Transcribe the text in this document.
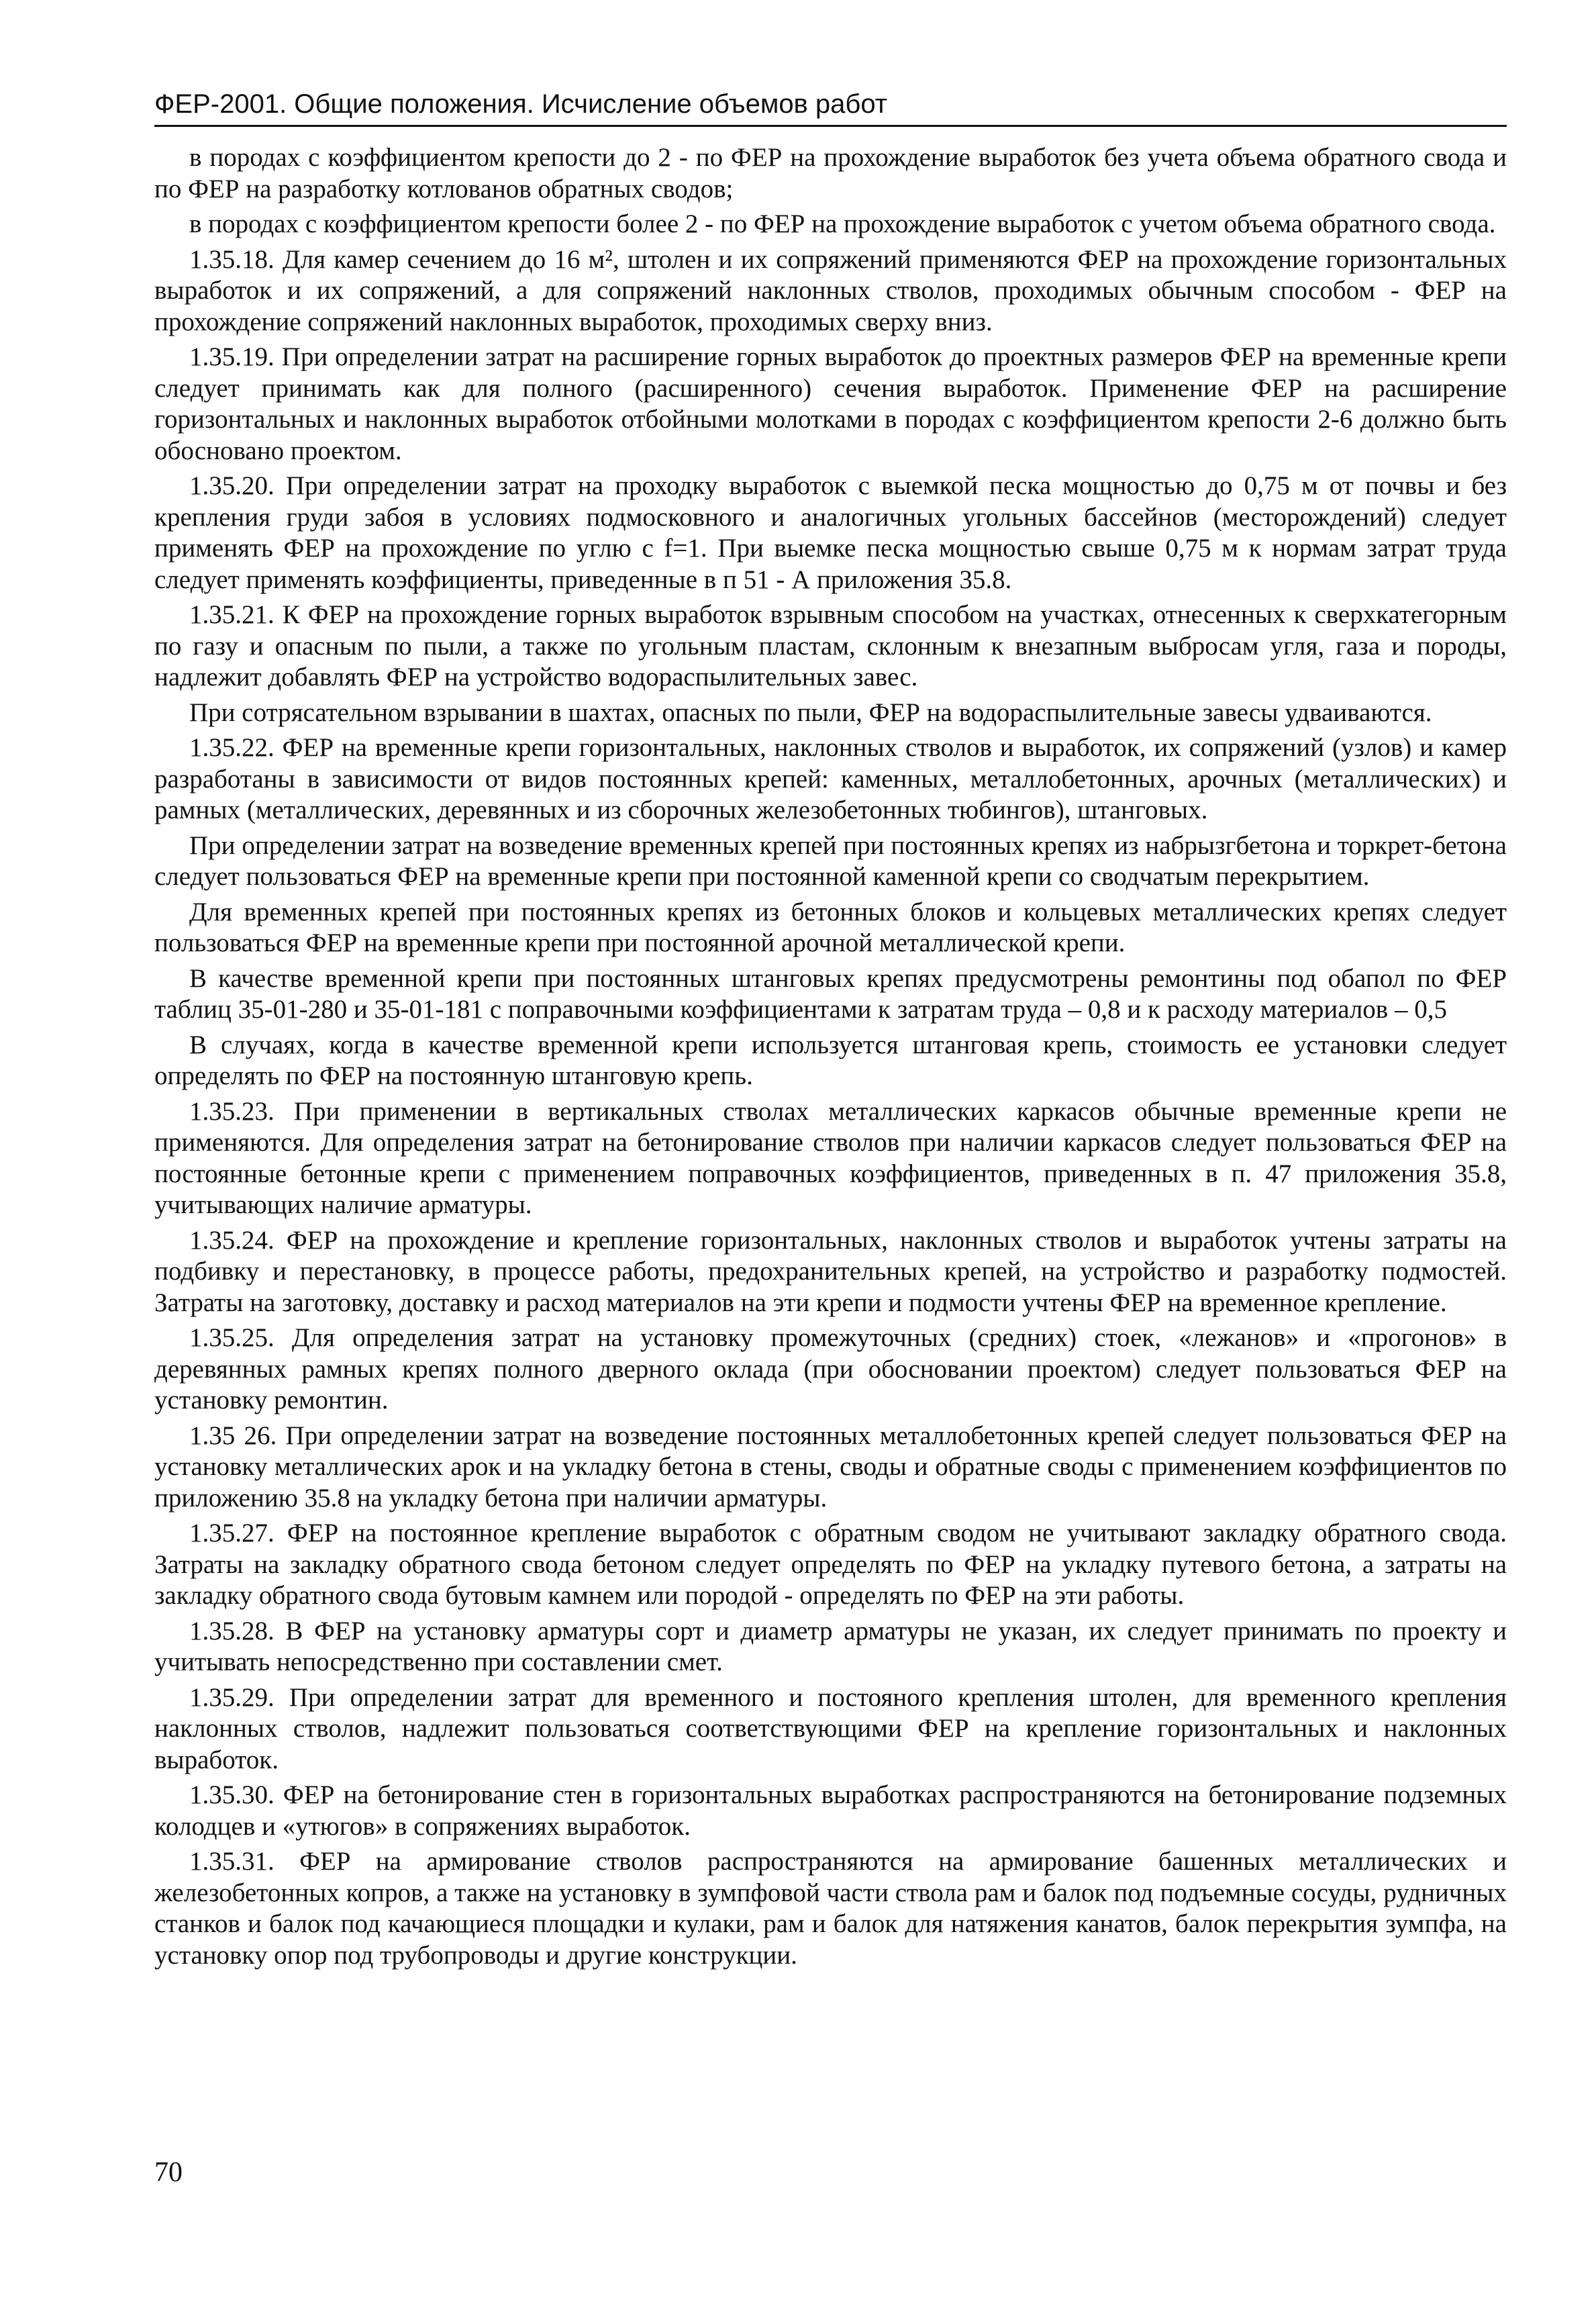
ФЕР-2001. Общие положения. Исчисление объемов работ

в породах с коэффициентом крепости до 2 - по ФЕР на прохождение выработок без учета объема обратного свода и по ФЕР на разработку котлованов обратных сводов;

в породах с коэффициентом крепости более 2 - по ФЕР на прохождение выработок с учетом объема обратного свода.

1.35.18. Для камер сечением до 16 м², штолен и их сопряжений применяются ФЕР на прохождение горизонтальных выработок и их сопряжений, а для сопряжений наклонных стволов, проходимых обычным способом - ФЕР на прохождение сопряжений наклонных выработок, проходимых сверху вниз.

1.35.19. При определении затрат на расширение горных выработок до проектных размеров ФЕР на временные крепи следует принимать как для полного (расширенного) сечения выработок. Применение ФЕР на расширение горизонтальных и наклонных выработок отбойными молотками в породах с коэффициентом крепости 2-6 должно быть обосновано проектом.

1.35.20. При определении затрат на проходку выработок с выемкой песка мощностью до 0,75 м от почвы и без крепления груди забоя в условиях подмосковного и аналогичных угольных бассейнов (месторождений) следует применять ФЕР на прохождение по углю с f=1. При выемке песка мощностью свыше 0,75 м к нормам затрат труда следует применять коэффициенты, приведенные в п 51 - А приложения 35.8.

1.35.21. К ФЕР на прохождение горных выработок взрывным способом на участках, отнесенных к сверхкатегорным по газу и опасным по пыли, а также по угольным пластам, склонным к внезапным выбросам угля, газа и породы, надлежит добавлять ФЕР на устройство водораспылительных завес.

При сотрясательном взрывании в шахтах, опасных по пыли, ФЕР на водораспылительные завесы удваиваются.

1.35.22. ФЕР на временные крепи горизонтальных, наклонных стволов и выработок, их сопряжений (узлов) и камер разработаны в зависимости от видов постоянных крепей: каменных, металлобетонных, арочных (металлических) и рамных (металлических, деревянных и из сборочных железобетонных тюбингов), штанговых.

При определении затрат на возведение временных крепей при постоянных крепях из набрызгбетона и торкрет-бетона следует пользоваться ФЕР на временные крепи при постоянной каменной крепи со сводчатым перекрытием.

Для временных крепей при постоянных крепях из бетонных блоков и кольцевых металлических крепях следует пользоваться ФЕР на временные крепи при постоянной арочной металлической крепи.

В качестве временной крепи при постоянных штанговых крепях предусмотрены ремонтины под обапол по ФЕР таблиц 35-01-280 и 35-01-181 с поправочными коэффициентами к затратам труда – 0,8 и к расходу материалов – 0,5

В случаях, когда в качестве временной крепи используется штанговая крепь, стоимость ее установки следует определять по ФЕР на постоянную штанговую крепь.

1.35.23. При применении в вертикальных стволах металлических каркасов обычные временные крепи не применяются. Для определения затрат на бетонирование стволов при наличии каркасов следует пользоваться ФЕР на постоянные бетонные крепи с применением поправочных коэффициентов, приведенных в п. 47 приложения 35.8, учитывающих наличие арматуры.

1.35.24. ФЕР на прохождение и крепление горизонтальных, наклонных стволов и выработок учтены затраты на подбивку и перестановку, в процессе работы, предохранительных крепей, на устройство и разработку подмостей. Затраты на заготовку, доставку и расход материалов на эти крепи и подмости учтены ФЕР на временное крепление.

1.35.25. Для определения затрат на установку промежуточных (средних) стоек, «лежанов» и «прогонов» в деревянных рамных крепях полного дверного оклада (при обосновании проектом) следует пользоваться ФЕР на установку ремонтин.

1.35 26. При определении затрат на возведение постоянных металлобетонных крепей следует пользоваться ФЕР на установку металлических арок и на укладку бетона в стены, своды и обратные своды с применением коэффициентов по приложению 35.8 на укладку бетона при наличии арматуры.

1.35.27. ФЕР на постоянное крепление выработок с обратным сводом не учитывают закладку обратного свода. Затраты на закладку обратного свода бетоном следует определять по ФЕР на укладку путевого бетона, а затраты на закладку обратного свода бутовым камнем или породой - определять по ФЕР на эти работы.

1.35.28. В ФЕР на установку арматуры сорт и диаметр арматуры не указан, их следует принимать по проекту и учитывать непосредственно при составлении смет.

1.35.29. При определении затрат для временного и постояного крепления штолен, для временного крепления наклонных стволов, надлежит пользоваться соответствующими ФЕР на крепление горизонтальных и наклонных выработок.

1.35.30. ФЕР на бетонирование стен в горизонтальных выработках распространяются на бетонирование подземных колодцев и «утюгов» в сопряжениях выработок.

1.35.31. ФЕР на армирование стволов распространяются на армирование башенных металлических и железобетонных копров, а также на установку в зумпфовой части ствола рам и балок под подъемные сосуды, рудничных станков и балок под качающиеся площадки и кулаки, рам и балок для натяжения канатов, балок перекрытия зумпфа, на установку опор под трубопроводы и другие конструкции.

70
